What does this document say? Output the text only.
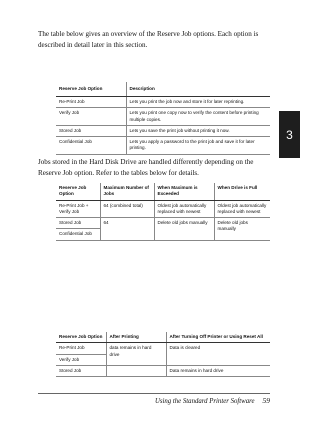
The table below gives an overview of the Reserve Job options. Each option is described in detail later in this section.

Reserve Job Option	Description
Re-Print Job	Lets you print the job now and store it for later reprinting.
Verify Job	Lets you print one copy now to verify the content before printing multiple copies.
Stored Job	Lets you save the print job without printing it now.
Confidential Job	Lets you apply a password to the print job and save it for later printing.

Jobs stored in the Hard Disk Drive are handled differently depending on the Reserve Job option. Refer to the tables below for details.

Reserve Job Option	Maximum Number of Jobs	When Maximum is Exceeded	When Drive is Full
Re-Print Job + Verify Job	64 (combined total)	Oldest job automatically replaced with newest	Oldest job automatically replaced with newest
Stored Job	64	Delete old jobs manually	Delete old jobs manually
Confidential Job			
Reserve Job Option	After Printing	After Turning Off Printer or Using Reset All
Re-Print Job	data remains in hard drive	Data is cleared
Verify Job		
Stored Job		Data remains in hard drive
3
Using the Standard Printer Software 59
